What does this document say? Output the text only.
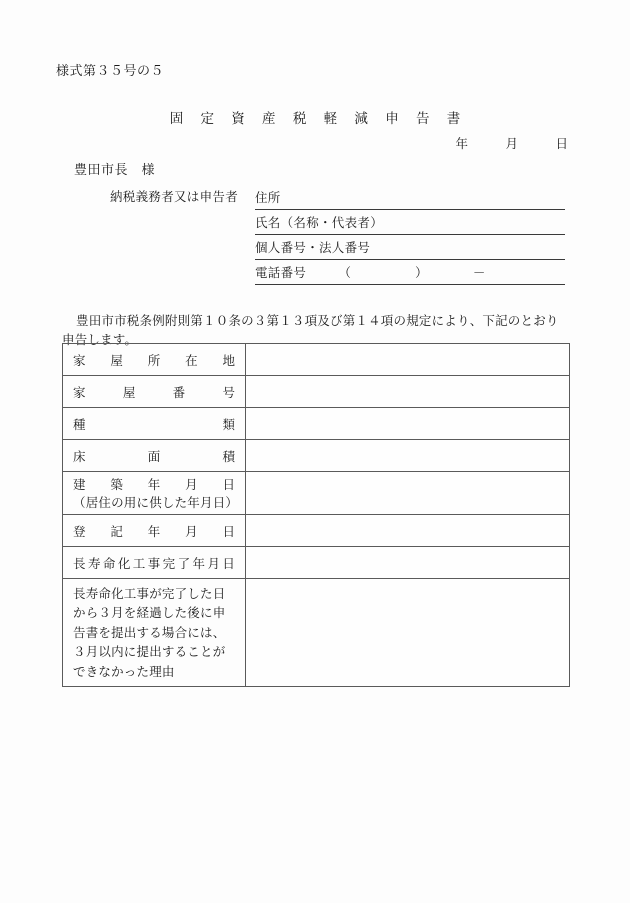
様式第３５号の５
固 定 資 産 税 軽 減 申 告 書
年　　　月　　　日
豊田市長　様
納税義務者又は申告者 住所
氏名（名称・代表者）
個人番号・法人番号
電話番号　　　（　　　　　）　　　　－
豊田市市税条例附則第１０条の３第１３項及び第１４項の規定により、下記のとおり申告します。
家 屋 所 在 地	

家 屋 番 号	

種 類	

床 面 積	

建 築 年 月 日
（居住の用に供した年月日）

登 記 年 月 日	

長 寿 命 化 工 事 完 了 年 月 日

長寿命化工事が完了した日から３月を経過した後に申告書を提出する場合には、３月以内に提出することができなかった理由	
